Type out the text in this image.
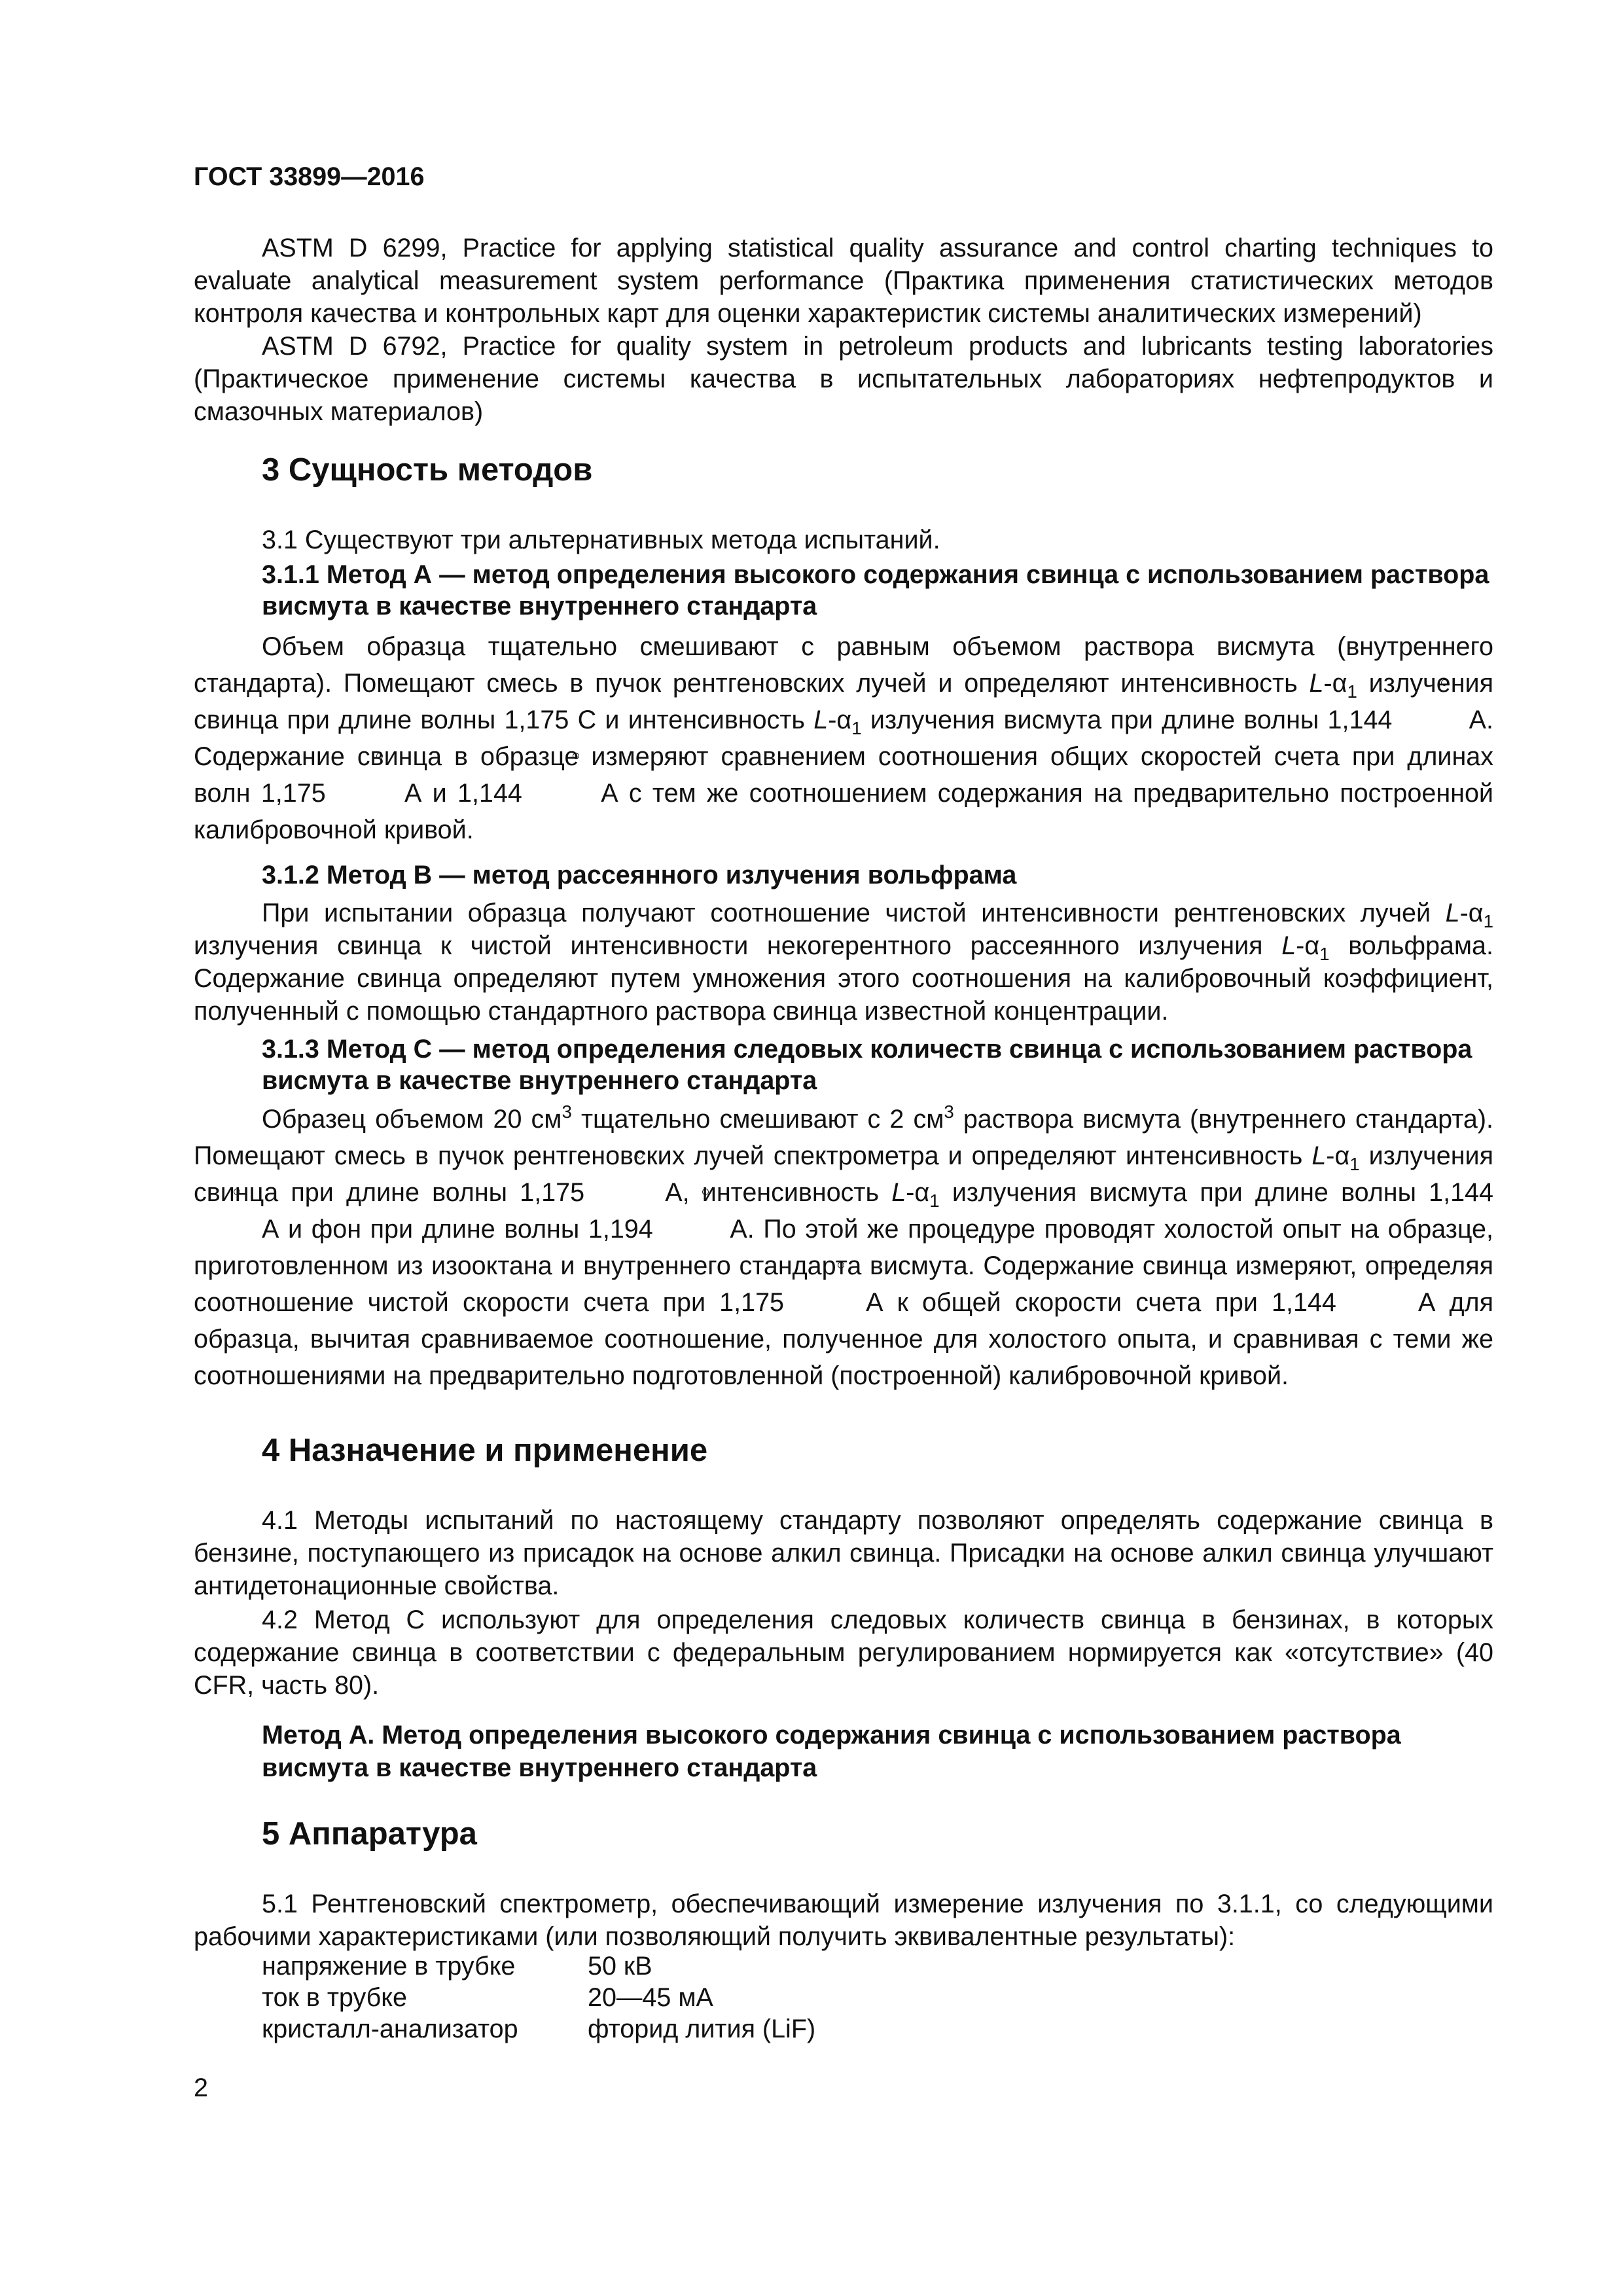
ГОСТ 33899—2016
ASTM D 6299, Practice for applying statistical quality assurance and control charting techniques to evaluate analytical measurement system performance (Практика применения статистических методов контроля качества и контрольных карт для оценки характеристик системы аналитических измерений)
ASTM D 6792, Practice for quality system in petroleum products and lubricants testing laboratories (Практическое применение системы качества в испытательных лабораториях нефтепродуктов и смазочных материалов)
3 Сущность методов
3.1 Существуют три альтернативных метода испытаний.
3.1.1 Метод А — метод определения высокого содержания свинца с использованием раствора висмута в качестве внутреннего стандарта
Объем образца тщательно смешивают с равным объемом раствора висмута (внутреннего стандарта). Помещают смесь в пучок рентгеновских лучей и определяют интенсивность $L-\alpha_1$ излучения свинца при длине волны 1,175 С и интенсивность $L-\alpha_1$ излучения висмута при длине волны 1,144	A. Содержание свинца в образце измеряют сравнением соотношения общих скоростей счета при длинах волн 1,175	A и 1,144	A с тем же соотношением содержания на предварительно построенной калибровочной кривой.
3.1.2 Метод В — метод рассеянного излучения вольфрама
При испытании образца получают соотношение чистой интенсивности рентгеновских лучей $L-\alpha_1$ излучения свинца к чистой интенсивности некогерентного рассеянного излучения $L-\alpha_1$ вольфрама. Содержание свинца определяют путем умножения этого соотношения на калибровочный коэффициент, полученный с помощью стандартного раствора свинца известной концентрации.
3.1.3 Метод С — метод определения следовых количеств свинца с использованием раствора висмута в качестве внутреннего стандарта
Образец объемом 20 $см^3$ тщательно смешивают с 2 $см^3$ раствора висмута (внутреннего стандарта). Помещают смесь в пучок рентгеновских лучей спектрометра и определяют интенсивность $L-\alpha_1$ излучения свинца при длине волны 1,175	A, интенсивность $L-\alpha_1$ излучения висмута при длине волны 1,144 A и фон при длине волны 1,194	A. По этой же процедуре проводят холостой опыт на образце, приготовленном из изооктана и внутреннего стандарта висмута. Содержание свинца измеряют, определяя соотношение чистой скорости счета при 1,175	A к общей скорости счета при 1,144	A для образца, вычитая сравниваемое соотношение, полученное для холостого опыта, и сравнивая с теми же соотношениями на предварительно подготовленной (построенной) калибровочной кривой.
4 Назначение и применение
4.1 Методы испытаний по настоящему стандарту позволяют определять содержание свинца в бензине, поступающего из присадок на основе алкил свинца. Присадки на основе алкил свинца улучшают антидетонационные свойства.
4.2 Метод С используют для определения следовых количеств свинца в бензинах, в которых содержание свинца в соответствии с федеральным регулированием нормируется как «отсутствие» (40 CFR, часть 80).
Метод А. Метод определения высокого содержания свинца с использованием раствора висмута в качестве внутреннего стандарта
5 Аппаратура
5.1 Рентгеновский спектрометр, обеспечивающий измерение излучения по 3.1.1, со следующими рабочими характеристиками (или позволяющий получить эквивалентные результаты):
напряжение в трубке	50 кВ
ток в трубке	20—45 мА
кристалл-анализатор	фторид лития (LiF)
2
